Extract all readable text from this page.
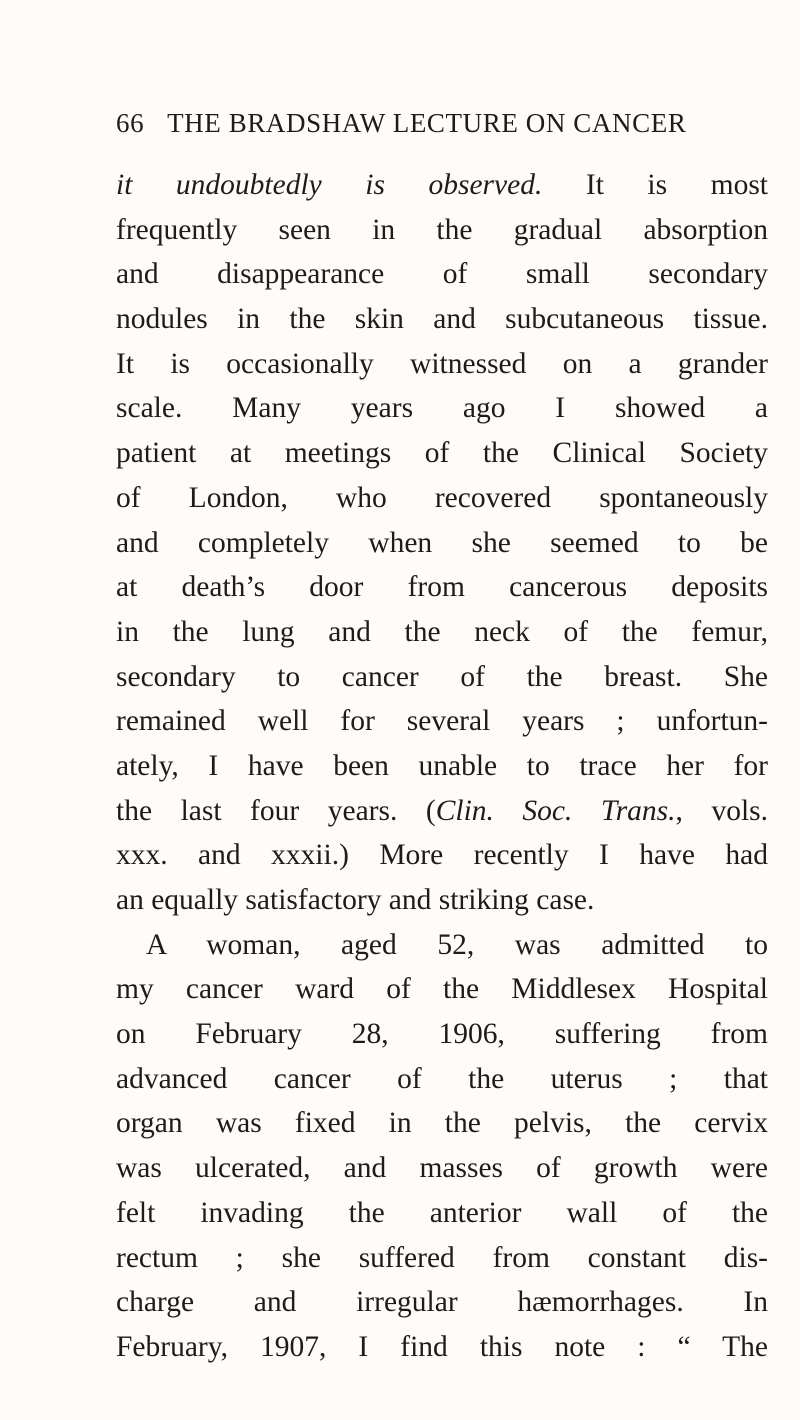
66 THE BRADSHAW LECTURE ON CANCER
it undoubtedly is observed. It is most
frequently seen in the gradual absorption
and disappearance of small secondary
nodules in the skin and subcutaneous tissue.
It is occasionally witnessed on a grander
scale. Many years ago I showed a
patient at meetings of the Clinical Society
of London, who recovered spontaneously
and completely when she seemed to be
at death’s door from cancerous deposits
in the lung and the neck of the femur,
secondary to cancer of the breast. She
remained well for several years ; unfortun-
ately, I have been unable to trace her for
the last four years. (Clin. Soc. Trans., vols.
xxx. and xxxii.) More recently I have had
an equally satisfactory and striking case.
A woman, aged 52, was admitted to
my cancer ward of the Middlesex Hospital
on February 28, 1906, suffering from
advanced cancer of the uterus ; that
organ was fixed in the pelvis, the cervix
was ulcerated, and masses of growth were
felt invading the anterior wall of the
rectum ; she suffered from constant dis-
charge and irregular hæmorrhages. In
February, 1907, I find this note : “ The
